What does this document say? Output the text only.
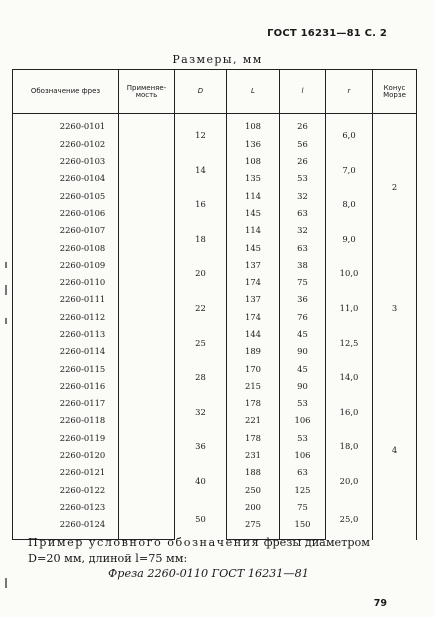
ГОСТ 16231—81 С. 2
Размеры, мм
Обозначение фрез	Применяе- мость	D	L	l	r	Конус Морзе
2260-0101		12	108	26	6,0	2
2260-0102			136	56		
2260-0103		14	108	26	7,0	
2260-0104			135	53		
2260-0105		16	114	32	8,0	
2260-0106			145	63		
2260-0107		18	114	32	9,0	
2260-0108			145	63		
2260-0109		20	137	38	10,0	3
2260-0110			174	75		
2260-0111		22	137	36	11,0	
2260-0112			174	76		
2260-0113		25	144	45	12,5	
2260-0114			189	90		
2260-0115		28	170	45	14,0	4
2260-0116			215	90		
2260-0117		32	178	53	16,0	
2260-0118			221	106		
2260-0119		36	178	53	18,0	
2260-0120			231	106		
2260-0121		40	188	63	20,0	
2260-0122			250	125		
2260-0123		50	200	75	25,0	
2260-0124			275	150		
Пример условного обозначения фрезы диаметром
D=20 мм, длиной l=75 мм:
Фреза 2260-0110 ГОСТ 16231—81
79
